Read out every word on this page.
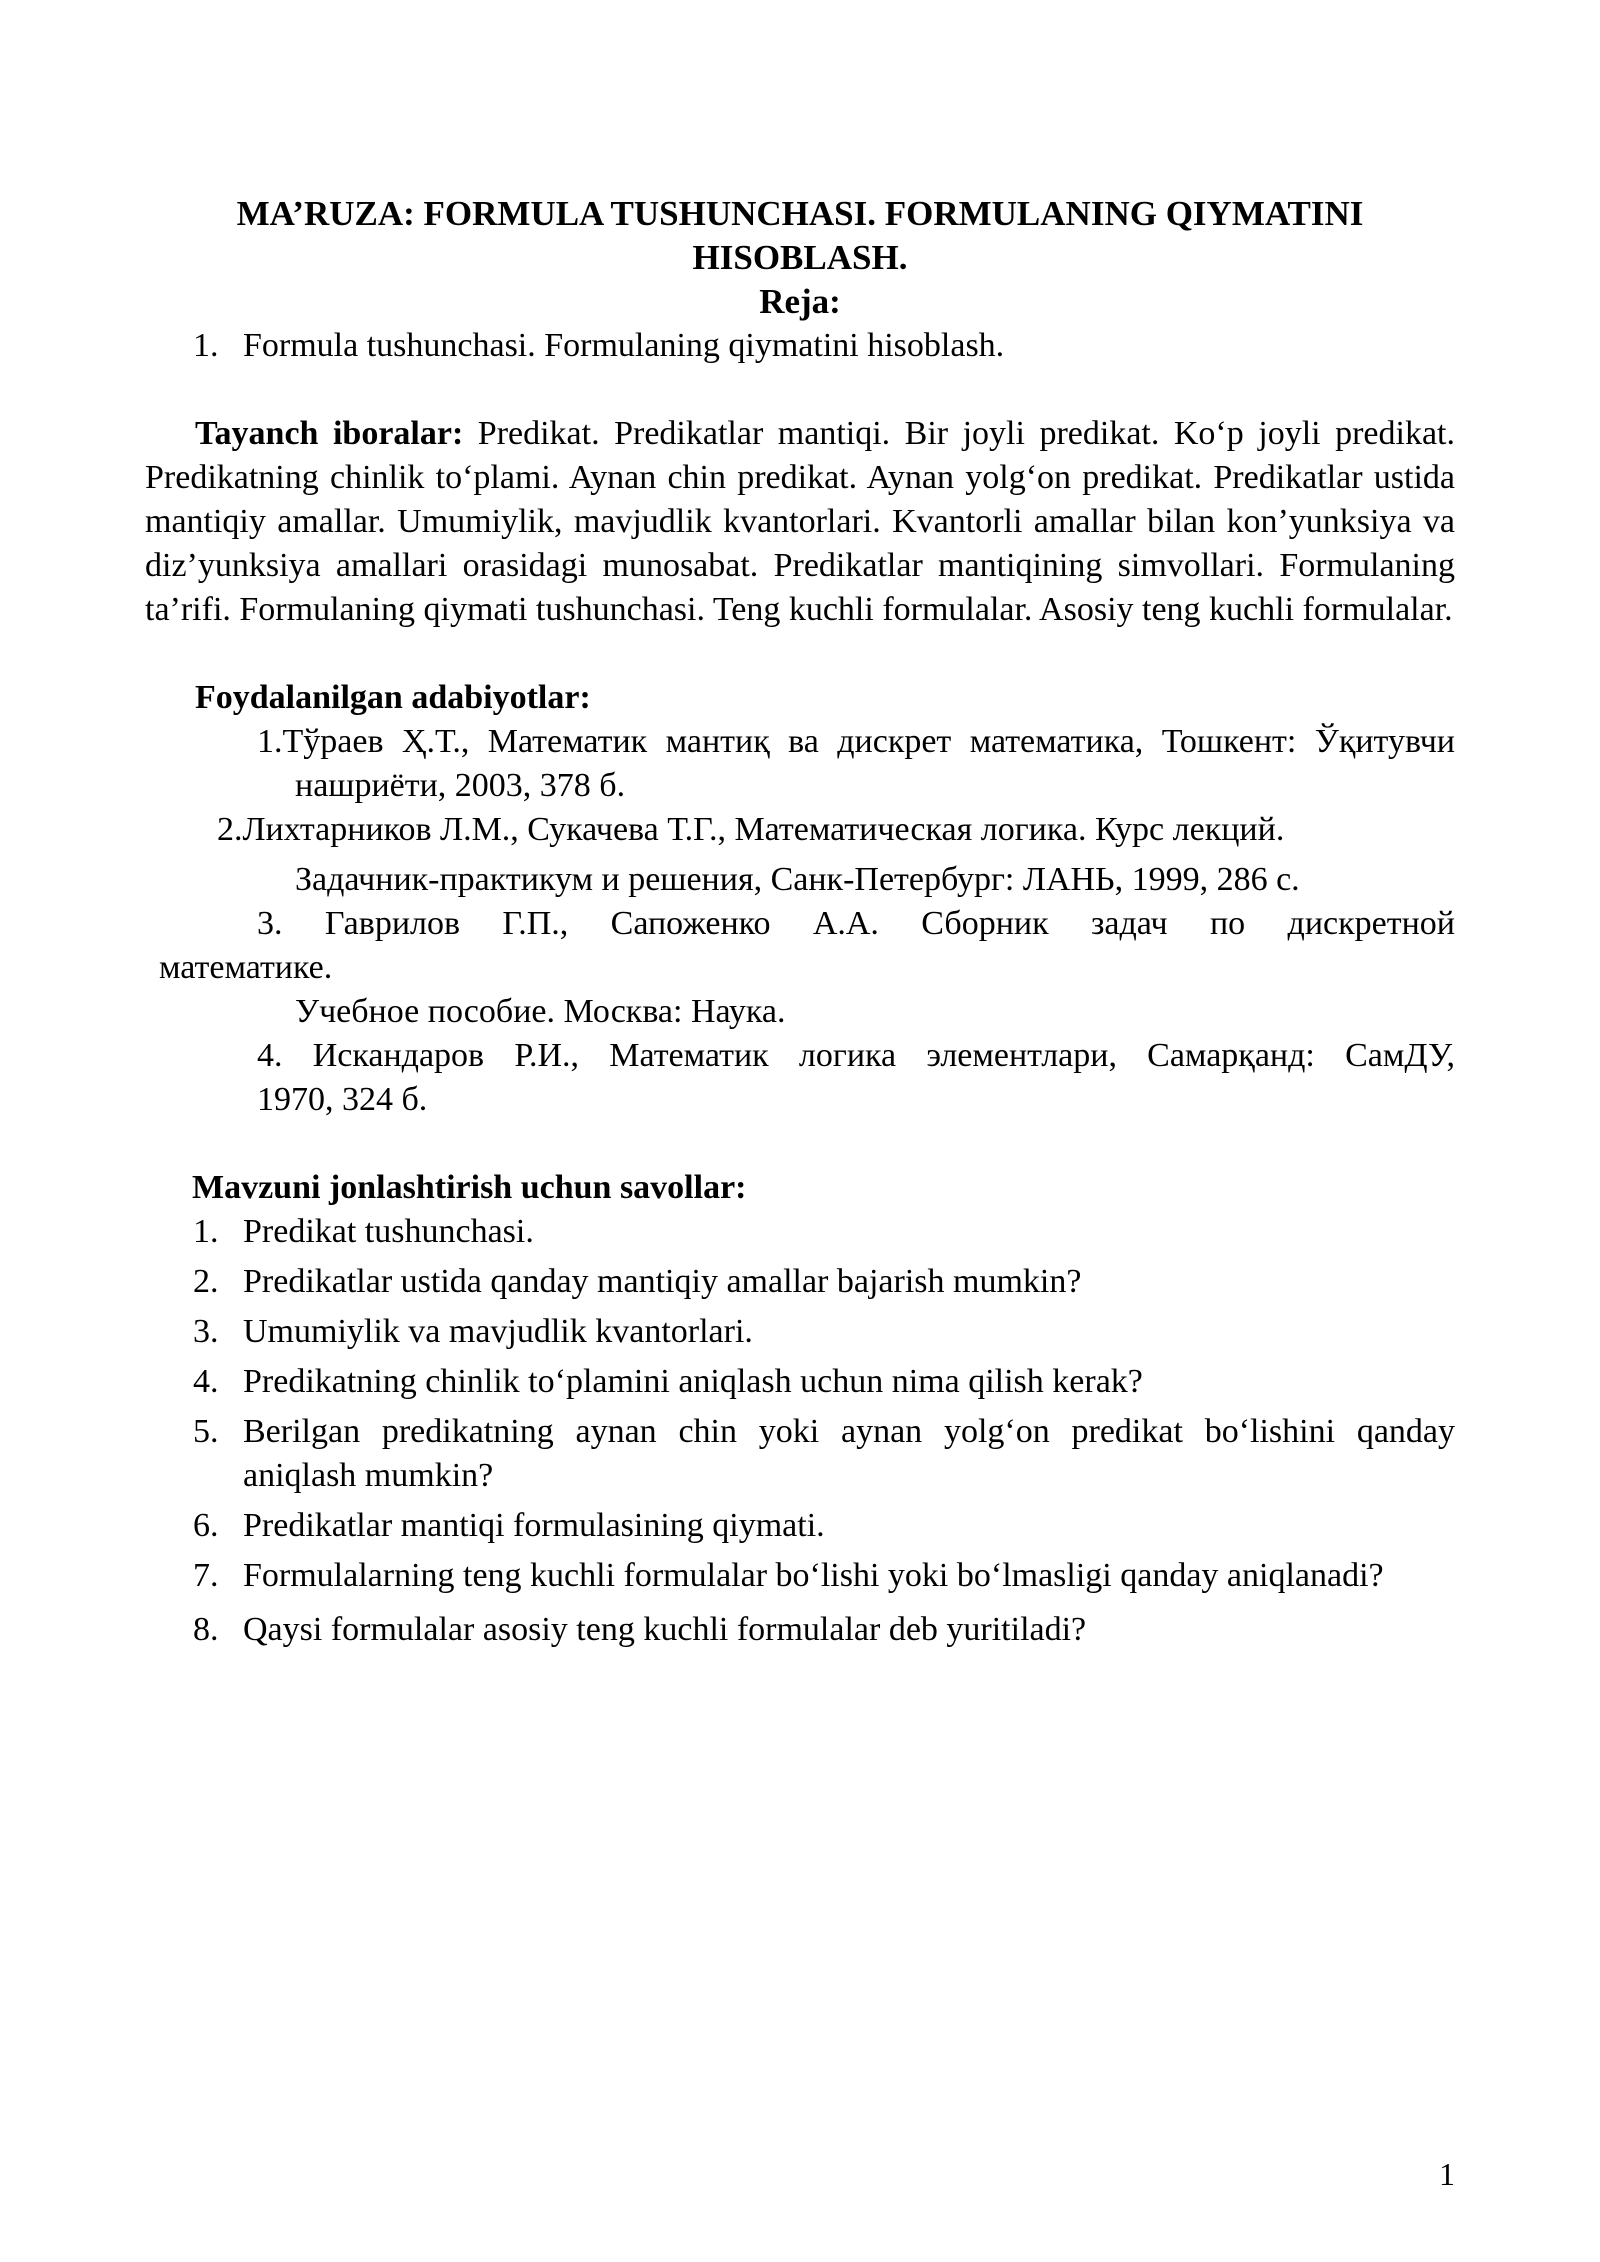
MA’RUZA: FORMULA TUSHUNCHASI. FORMULANING QIYMATINI
HISOBLASH.
Reja:
1. Formula tushunchasi. Formulaning qiymatini hisoblash.

Tayanch iboralar: Predikat. Predikatlar mantiqi. Bir joyli predikat. Ko‘p joyli predikat. Predikatning chinlik to‘plami. Aynan chin predikat. Aynan yolg‘on predikat. Predikatlar ustida mantiqiy amallar. Umumiylik, mavjudlik kvantorlari. Kvantorli amallar bilan kon’yunksiya va diz’yunksiya amallari orasidagi munosabat. Predikatlar mantiqining simvollari. Formulaning ta’rifi. Formulaning qiymati tushunchasi. Teng kuchli formulalar. Asosiy teng kuchli formulalar.

Foydalanilgan adabiyotlar:

1.Тўраев Ҳ.Т., Математик мантиқ ва дискрет математика, Тошкент: Ўқитувчи
нашриёти, 2003, 378 б.
2.Лихтарников Л.М., Сукачева Т.Г., Математическая логика. Курс лекций.
Задачник-практикум и решения, Санк-Петербург: ЛАНЬ, 1999, 286 с.
3. Гаврилов Г.П., Сапоженко А.А. Сборник задач по дискретной
математике.
Учебное пособие. Москва: Наука.
4. Искандаров Р.И., Математик логика элементлари, Самарқанд: СамДУ,
1970, 324 б.

Mavzuni jonlashtirish uchun savollar:

1. Predikat tushunchasi.
2. Predikatlar ustida qanday mantiqiy amallar bajarish mumkin?
3. Umumiylik va mavjudlik kvantorlari.
4. Predikatning chinlik to‘plamini aniqlash uchun nima qilish kerak?
5. Berilgan predikatning aynan chin yoki aynan yolg‘on predikat bo‘lishini qanday aniqlash mumkin?
6. Predikatlar mantiqi formulasining qiymati.
7. Formulalarning teng kuchli formulalar bo‘lishi yoki bo‘lmasligi qanday aniqlanadi?
8. Qaysi formulalar asosiy teng kuchli formulalar deb yuritiladi?
1
